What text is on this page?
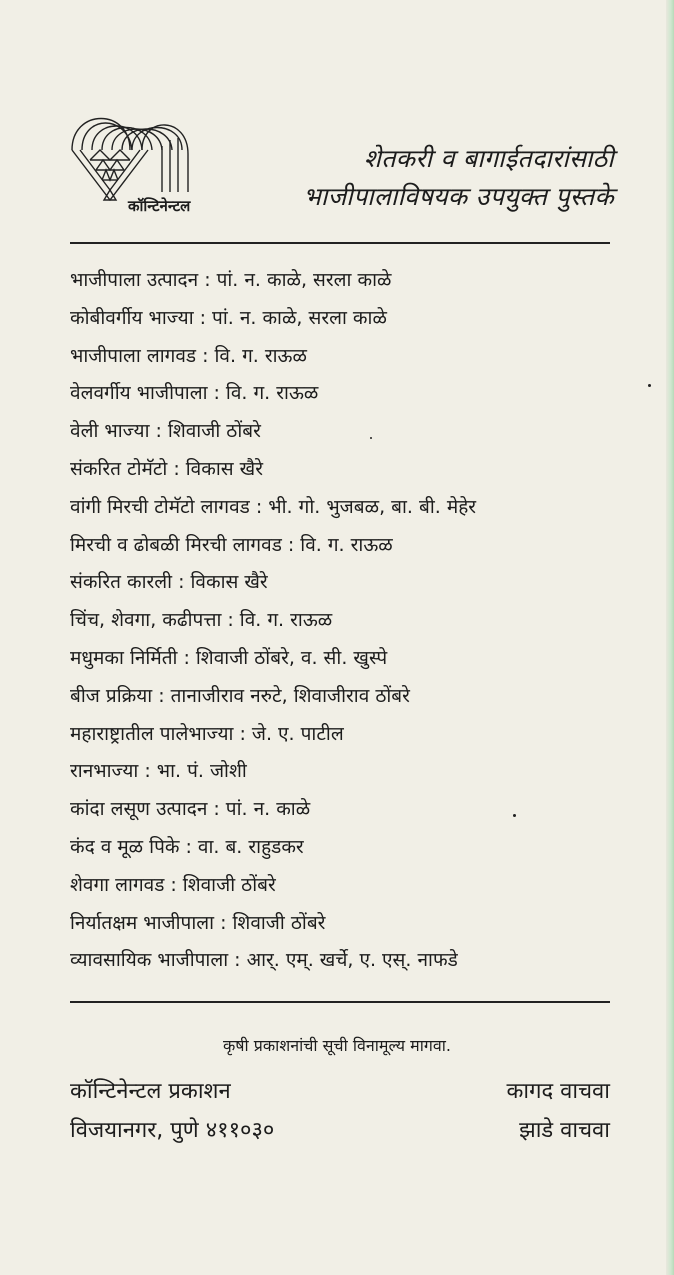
कॉन्टिनेन्टल
शेतकरी व बागाईतदारांसाठी
भाजीपालाविषयक उपयुक्त पुस्तके
भाजीपाला उत्पादन : पां. न. काळे, सरला काळे
कोबीवर्गीय भाज्या : पां. न. काळे, सरला काळे
भाजीपाला लागवड : वि. ग. राऊळ
वेलवर्गीय भाजीपाला : वि. ग. राऊळ
वेली भाज्या : शिवाजी ठोंबरे
संकरित टोमॅटो : विकास खैरे
वांगी मिरची टोमॅटो लागवड : भी. गो. भुजबळ, बा. बी. मेहेर
मिरची व ढोबळी मिरची लागवड : वि. ग. राऊळ
संकरित कारली : विकास खैरे
चिंच, शेवगा, कढीपत्ता : वि. ग. राऊळ
मधुमका निर्मिती : शिवाजी ठोंबरे, व. सी. खुस्पे
बीज प्रक्रिया : तानाजीराव नरुटे, शिवाजीराव ठोंबरे
महाराष्ट्रातील पालेभाज्या : जे. ए. पाटील
रानभाज्या : भा. पं. जोशी
कांदा लसूण उत्पादन : पां. न. काळे
कंद व मूळ पिके : वा. ब. राहुडकर
शेवगा लागवड : शिवाजी ठोंबरे
निर्यातक्षम भाजीपाला : शिवाजी ठोंबरे
व्यावसायिक भाजीपाला : आर्. एम्. खर्चे, ए. एस्. नाफडे
कृषी प्रकाशनांची सूची विनामूल्य मागवा.
कॉन्टिनेन्टल प्रकाशन
विजयानगर, पुणे ४११०३०
कागद वाचवा
झाडे वाचवा
